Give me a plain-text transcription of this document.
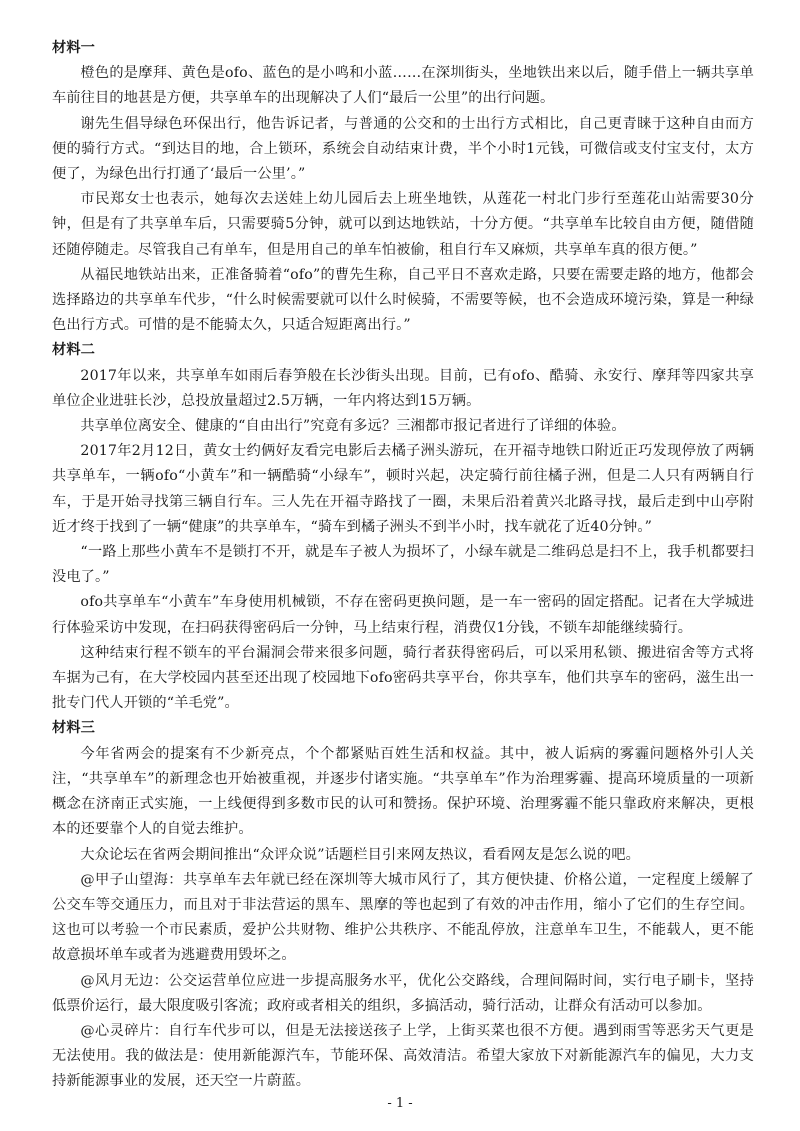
材料一

橙色的是摩拜、黄色是ofo、蓝色的是小鸣和小蓝……在深圳街头，坐地铁出来以后，随手借上一辆共享单车前往目的地甚是方便，共享单车的出现解决了人们“最后一公里”的出行问题。

谢先生倡导绿色环保出行，他告诉记者，与普通的公交和的士出行方式相比，自己更青睐于这种自由而方便的骑行方式。“到达目的地，合上锁环，系统会自动结束计费，半个小时1元钱，可微信或支付宝支付，太方便了，为绿色出行打通了‘最后一公里’。”

市民郑女士也表示，她每次去送娃上幼儿园后去上班坐地铁，从莲花一村北门步行至莲花山站需要30分钟，但是有了共享单车后，只需要骑5分钟，就可以到达地铁站，十分方便。“共享单车比较自由方便，随借随还随停随走。尽管我自己有单车，但是用自己的单车怕被偷，租自行车又麻烦，共享单车真的很方便。”

从福民地铁站出来，正准备骑着“ofo”的曹先生称，自己平日不喜欢走路，只要在需要走路的地方，他都会选择路边的共享单车代步，“什么时候需要就可以什么时候骑，不需要等候，也不会造成环境污染，算是一种绿色出行方式。可惜的是不能骑太久，只适合短距离出行。”

材料二

2017年以来，共享单车如雨后春笋般在长沙街头出现。目前，已有ofo、酷骑、永安行、摩拜等四家共享单位企业进驻长沙，总投放量超过2.5万辆，一年内将达到15万辆。

共享单位离安全、健康的“自由出行”究竟有多远？三湘都市报记者进行了详细的体验。

2017年2月12日，黄女士约俩好友看完电影后去橘子洲头游玩，在开福寺地铁口附近正巧发现停放了两辆共享单车，一辆ofo“小黄车”和一辆酷骑“小绿车”，顿时兴起，决定骑行前往橘子洲，但是二人只有两辆自行车，于是开始寻找第三辆自行车。三人先在开福寺路找了一圈，未果后沿着黄兴北路寻找，最后走到中山亭附近才终于找到了一辆“健康”的共享单车，“骑车到橘子洲头不到半小时，找车就花了近40分钟。”

“一路上那些小黄车不是锁打不开，就是车子被人为损坏了，小绿车就是二维码总是扫不上，我手机都要扫没电了。”

ofo共享单车“小黄车”车身使用机械锁，不存在密码更换问题，是一车一密码的固定搭配。记者在大学城进行体验采访中发现，在扫码获得密码后一分钟，马上结束行程，消费仅1分钱，不锁车却能继续骑行。

这种结束行程不锁车的平台漏洞会带来很多问题，骑行者获得密码后，可以采用私锁、搬进宿舍等方式将车据为己有，在大学校园内甚至还出现了校园地下ofo密码共享平台，你共享车，他们共享车的密码，滋生出一批专门代人开锁的“羊毛党”。

材料三

今年省两会的提案有不少新亮点，个个都紧贴百姓生活和权益。其中，被人诟病的雾霾问题格外引人关注，“共享单车”的新理念也开始被重视，并逐步付诸实施。“共享单车”作为治理雾霾、提高环境质量的一项新概念在济南正式实施，一上线便得到多数市民的认可和赞扬。保护环境、治理雾霾不能只靠政府来解决，更根本的还要靠个人的自觉去维护。

大众论坛在省两会期间推出“众评众说”话题栏目引来网友热议，看看网友是怎么说的吧。

@甲子山望海：共享单车去年就已经在深圳等大城市风行了，其方便快捷、价格公道，一定程度上缓解了公交车等交通压力，而且对于非法营运的黑车、黑摩的等也起到了有效的冲击作用，缩小了它们的生存空间。这也可以考验一个市民素质，爱护公共财物、维护公共秩序、不能乱停放，注意单车卫生，不能载人，更不能故意损坏单车或者为逃避费用毁坏之。

@风月无边：公交运营单位应进一步提高服务水平，优化公交路线，合理间隔时间，实行电子刷卡，坚持低票价运行，最大限度吸引客流；政府或者相关的组织，多搞活动，骑行活动，让群众有活动可以参加。

@心灵碎片：自行车代步可以，但是无法接送孩子上学，上街买菜也很不方便。遇到雨雪等恶劣天气更是无法使用。我的做法是：使用新能源汽车，节能环保、高效清洁。希望大家放下对新能源汽车的偏见，大力支持新能源事业的发展，还天空一片蔚蓝。

- 1 -
